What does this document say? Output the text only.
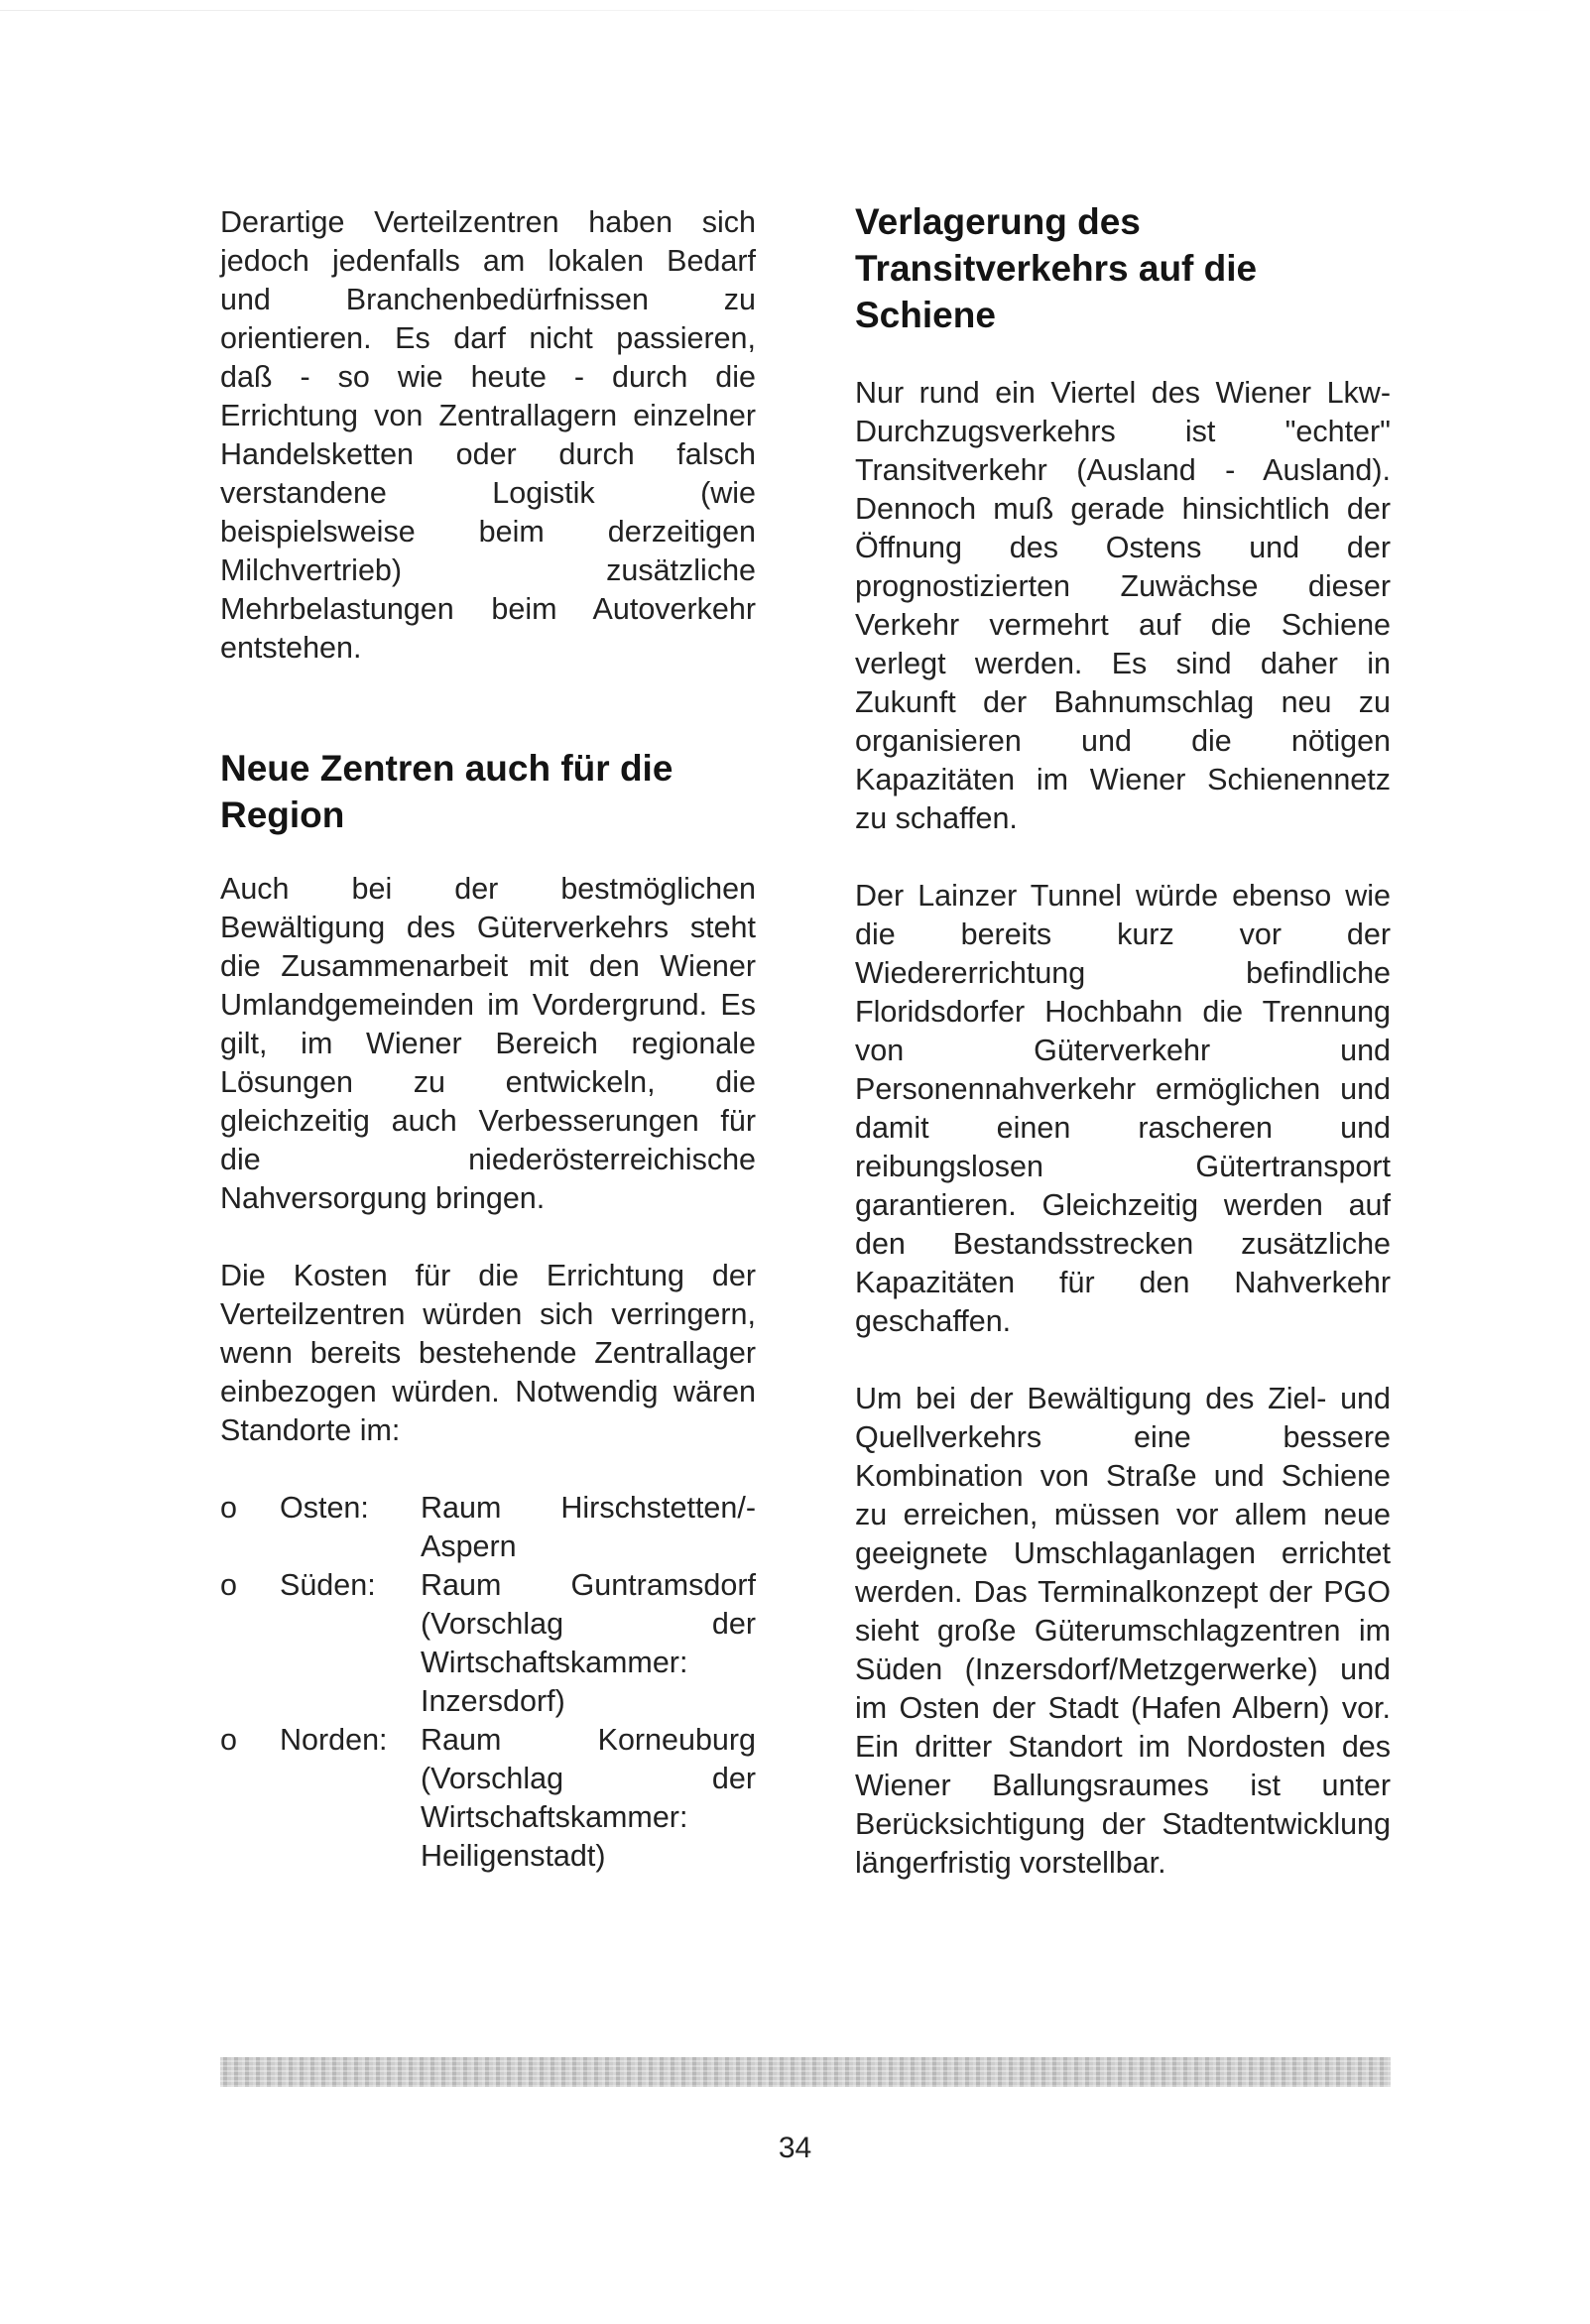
Derartige Verteilzentren haben sich jedoch jedenfalls am lokalen Bedarf und Branchenbedürfnissen zu orientieren. Es darf nicht passieren, daß - so wie heute - durch die Errichtung von Zentrallagern einzelner Handelsketten oder durch falsch verstandene Logistik (wie beispielsweise beim derzeitigen Milchvertrieb) zusätzliche Mehrbelastungen beim Autoverkehr entstehen.

Neue Zentren auch für die Region

Auch bei der bestmöglichen Bewältigung des Güterverkehrs steht die Zusammenarbeit mit den Wiener Umlandgemeinden im Vordergrund. Es gilt, im Wiener Bereich regionale Lösungen zu entwickeln, die gleichzeitig auch Verbesserungen für die niederösterreichische Nahversorgung bringen.

Die Kosten für die Errichtung der Verteilzentren würden sich verringern, wenn bereits bestehende Zentrallager einbezogen würden. Notwendig wären Standorte im:

o	Osten:	Raum Hirschstetten/-Aspern
o	Süden:	Raum Guntramsdorf (Vorschlag der Wirtschaftskammer: Inzersdorf)
o	Norden:	Raum Korneuburg (Vorschlag der Wirtschaftskammer: Heiligenstadt)
Verlagerung des Transitverkehrs auf die Schiene

Nur rund ein Viertel des Wiener Lkw-Durchzugsverkehrs ist "echter" Transitverkehr (Ausland - Ausland). Dennoch muß gerade hinsichtlich der Öffnung des Ostens und der prognostizierten Zuwächse dieser Verkehr vermehrt auf die Schiene verlegt werden. Es sind daher in Zukunft der Bahnumschlag neu zu organisieren und die nötigen Kapazitäten im Wiener Schienennetz zu schaffen.

Der Lainzer Tunnel würde ebenso wie die bereits kurz vor der Wiedererrichtung befindliche Floridsdorfer Hochbahn die Trennung von Güterverkehr und Personennahverkehr ermöglichen und damit einen rascheren und reibungslosen Gütertransport garantieren. Gleichzeitig werden auf den Bestandsstrecken zusätzliche Kapazitäten für den Nahverkehr geschaffen.

Um bei der Bewältigung des Ziel- und Quellverkehrs eine bessere Kombination von Straße und Schiene zu erreichen, müssen vor allem neue geeignete Umschlaganlagen errichtet werden. Das Terminalkonzept der PGO sieht große Güterumschlagzentren im Süden (Inzersdorf/Metzgerwerke) und im Osten der Stadt (Hafen Albern) vor. Ein dritter Standort im Nordosten des Wiener Ballungsraumes ist unter Berücksichtigung der Stadtentwicklung längerfristig vorstellbar.

34
